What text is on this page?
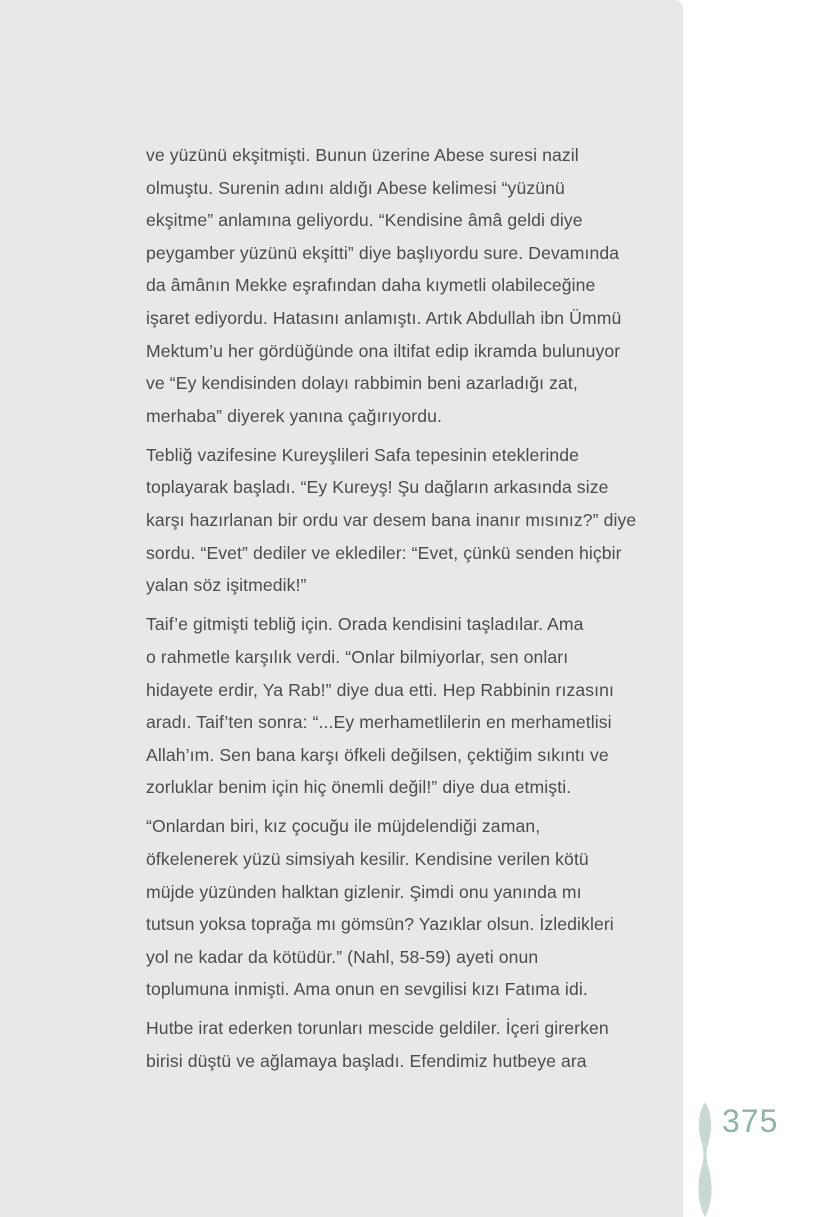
ve yüzünü ekşitmişti. Bunun üzerine Abese suresi nazil
olmuştu. Surenin adını aldığı Abese kelimesi “yüzünü
ekşitme” anlamına geliyordu. “Kendisine âmâ geldi diye
peygamber yüzünü ekşitti” diye başlıyordu sure. Devamında
da âmânın Mekke eşrafından daha kıymetli olabileceğine
işaret ediyordu. Hatasını anlamıştı. Artık Abdullah ibn Ümmü
Mektum’u her gördüğünde ona iltifat edip ikramda bulunuyor
ve “Ey kendisinden dolayı rabbimin beni azarladığı zat,
merhaba” diyerek yanına çağırıyordu.

Tebliğ vazifesine Kureyşlileri Safa tepesinin eteklerinde
toplayarak başladı. “Ey Kureyş! Şu dağların arkasında size
karşı hazırlanan bir ordu var desem bana inanır mısınız?” diye
sordu. “Evet” dediler ve eklediler: “Evet, çünkü senden hiçbir
yalan söz işitmedik!”

Taif’e gitmişti tebliğ için. Orada kendisini taşladılar. Ama
o rahmetle karşılık verdi. “Onlar bilmiyorlar, sen onları
hidayete erdir, Ya Rab!” diye dua etti. Hep Rabbinin rızasını
aradı. Taif’ten sonra: “...Ey merhametlilerin en merhametlisi
Allah’ım. Sen bana karşı öfkeli değilsen, çektiğim sıkıntı ve
zorluklar benim için hiç önemli değil!” diye dua etmişti.

“Onlardan biri, kız çocuğu ile müjdelendiği zaman,
öfkelenerek yüzü simsiyah kesilir. Kendisine verilen kötü
müjde yüzünden halktan gizlenir. Şimdi onu yanında mı
tutsun yoksa toprağa mı gömsün? Yazıklar olsun. İzledikleri
yol ne kadar da kötüdür.” (Nahl, 58-59) ayeti onun
toplumuna inmişti. Ama onun en sevgilisi kızı Fatıma idi.

Hutbe irat ederken torunları mescide geldiler. İçeri girerken
birisi düştü ve ağlamaya başladı. Efendimiz hutbeye ara

375
